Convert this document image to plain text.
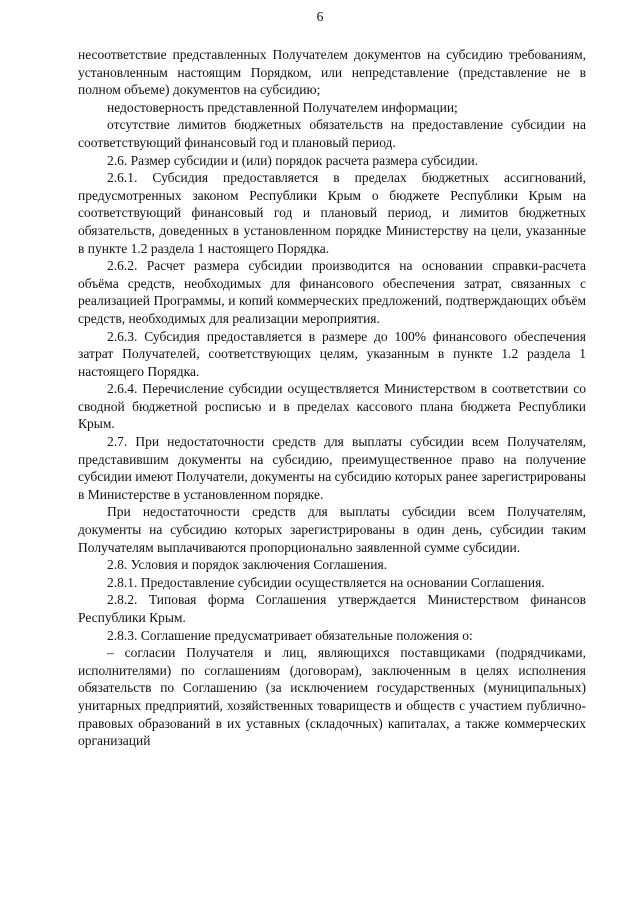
6

несоответствие представленных Получателем документов на субсидию требованиям, установленным настоящим Порядком, или непредставление (представление не в полном объеме) документов на субсидию;

недостоверность представленной Получателем информации;

отсутствие лимитов бюджетных обязательств на предоставление субсидии на соответствующий финансовый год и плановый период.

2.6. Размер субсидии и (или) порядок расчета размера субсидии.

2.6.1. Субсидия предоставляется в пределах бюджетных ассигнований, предусмотренных законом Республики Крым о бюджете Республики Крым на соответствующий финансовый год и плановый период, и лимитов бюджетных обязательств, доведенных в установленном порядке Министерству на цели, указанные в пункте 1.2 раздела 1 настоящего Порядка.

2.6.2. Расчет размера субсидии производится на основании справки-расчета объёма средств, необходимых для финансового обеспечения затрат, связанных с реализацией Программы, и копий коммерческих предложений, подтверждающих объём средств, необходимых для реализации мероприятия.

2.6.3. Субсидия предоставляется в размере до 100% финансового обеспечения затрат Получателей, соответствующих целям, указанным в пункте 1.2 раздела 1 настоящего Порядка.

2.6.4. Перечисление субсидии осуществляется Министерством в соответствии со сводной бюджетной росписью и в пределах кассового плана бюджета Республики Крым.

2.7. При недостаточности средств для выплаты субсидии всем Получателям, представившим документы на субсидию, преимущественное право на получение субсидии имеют Получатели, документы на субсидию которых ранее зарегистрированы в Министерстве в установленном порядке.

При недостаточности средств для выплаты субсидии всем Получателям, документы на субсидию которых зарегистрированы в один день, субсидии таким Получателям выплачиваются пропорционально заявленной сумме субсидии.

2.8. Условия и порядок заключения Соглашения.

2.8.1. Предоставление субсидии осуществляется на основании Соглашения.

2.8.2. Типовая форма Соглашения утверждается Министерством финансов Республики Крым.

2.8.3. Соглашение предусматривает обязательные положения о:

– согласии Получателя и лиц, являющихся поставщиками (подрядчиками, исполнителями) по соглашениям (договорам), заключенным в целях исполнения обязательств по Соглашению (за исключением государственных (муниципальных) унитарных предприятий, хозяйственных товариществ и обществ с участием публично-правовых образований в их уставных (складочных) капиталах, а также коммерческих организаций
